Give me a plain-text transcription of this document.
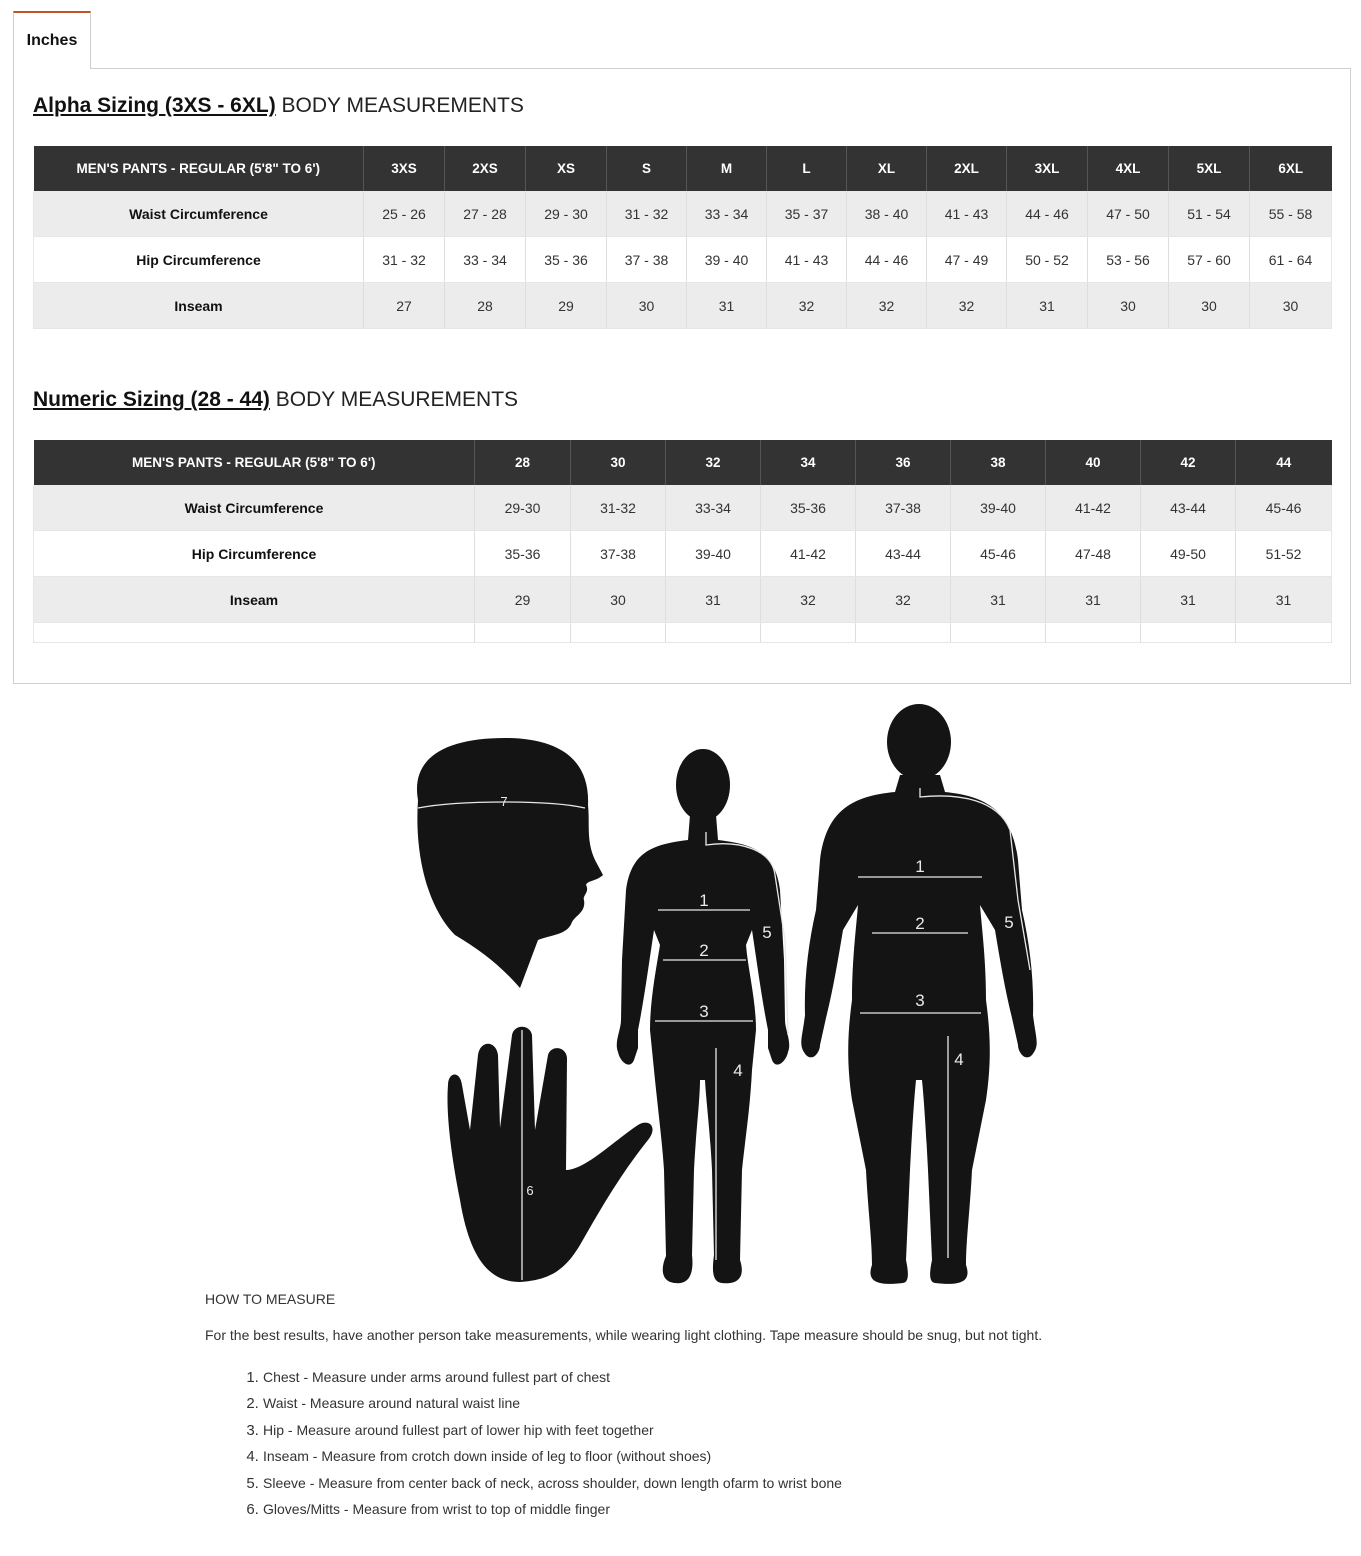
Inches
Alpha Sizing (3XS - 6XL) BODY MEASUREMENTS
MEN'S PANTS - REGULAR (5'8" TO 6')	3XS	2XS	XS	S	M	L	XL	2XL	3XL	4XL	5XL	6XL
Waist Circumference	25 - 26	27 - 28	29 - 30	31 - 32	33 - 34	35 - 37	38 - 40	41 - 43	44 - 46	47 - 50	51 - 54	55 - 58
Hip Circumference	31 - 32	33 - 34	35 - 36	37 - 38	39 - 40	41 - 43	44 - 46	47 - 49	50 - 52	53 - 56	57 - 60	61 - 64
Inseam	27	28	29	30	31	32	32	32	31	30	30	30
Numeric Sizing (28 - 44) BODY MEASUREMENTS
MEN'S PANTS - REGULAR (5'8" TO 6')	28	30	32	34	36	38	40	42	44
Waist Circumference	29-30	31-32	33-34	35-36	37-38	39-40	41-42	43-44	45-46
Hip Circumference	35-36	37-38	39-40	41-42	43-44	45-46	47-48	49-50	51-52
Inseam	29	30	31	32	32	31	31	31	31

7
6
1
2
3
4
5
1
2
3
4
5
HOW TO MEASURE
For the best results, have another person take measurements, while wearing light clothing. Tape measure should be snug, but not tight.
1. Chest - Measure under arms around fullest part of chest
2. Waist - Measure around natural waist line
3. Hip - Measure around fullest part of lower hip with feet together
4. Inseam - Measure from crotch down inside of leg to floor (without shoes)
5. Sleeve - Measure from center back of neck, across shoulder, down length ofarm to wrist bone
6. Gloves/Mitts - Measure from wrist to top of middle finger
